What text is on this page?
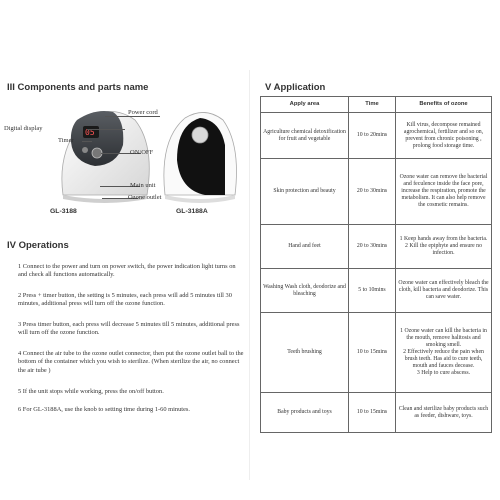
III Components and parts name
05
Power cord
Digital display
Timer
ON/OFF
Main unit
Ozone outlet
GL-3188	GL-3188A
IV Operations
1 Connect to the power and turn on power switch, the power indication light turns on and check all functions automatically.
2 Press + timer button, the setting is 5 minutes, each press will add 5 minutes till 30 minutes, additional press will turn off the ozone function.
3 Press timer button, each press will decrease 5 minutes till 5 minutes, additional press will turn off the ozone function.
4 Connect the air tube to the ozone outlet connector, then put the ozone outlet ball to the bottom of the container which you wish to sterilize. (When sterilize the air, no connect the air tube )
5 If the unit stops while working, press the on/off button.
6 For GL-3188A, use the knob to setting time during 1-60 minutes.
V Application
Apply area	Time	Benefits of ozone
Agriculture chemical detoxification for fruit and vegetable	10 to 20mins	Kill virus, decompose remained agrochemical, fertilizer and so on, prevent from chronic poisoning , prolong food storage time.
Skin protection and beauty	20 to 30mins	Ozone water can remove the bacterial and feculence inside the face pore, increase the respiration, promote the metabolism. It can also help remove the cosmetic remains.
Hand and feet	20 to 30mins	1 Keep hands away from the bacteria.
2 Kill the epiphyte and ensure no infection.
Washing Wash cloth, deodorize and bleaching	5 to 10mins	Ozone water can effectively bleach the cloth, kill bacteria and deodorize. This can save water.
Teeth brushing	10 to 15mins	1 Ozone water can kill the bacteria in the mouth, remove halitosis and smoking smell.
2 Effectively reduce the pain when brush teeth. Has aid to cure teeth, mouth and fauces decease.
3 Help to cure abscess.
Baby products and toys	10 to 15mins	Clean and sterilize baby products such as feeder, dishware, toys.
